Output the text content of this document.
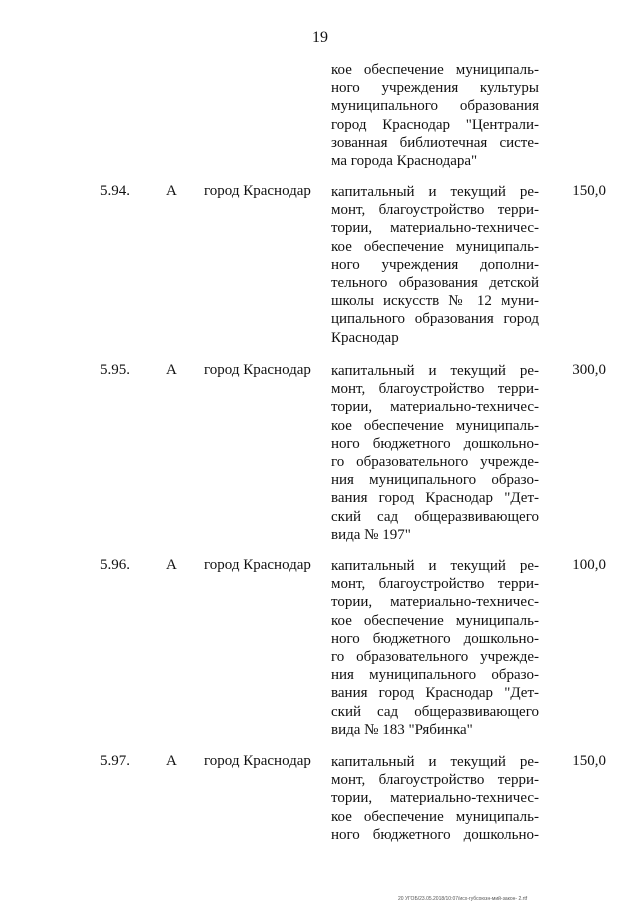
19
кое обеспечение муниципаль-
ного учреждения культуры
муниципального образования
город Краснодар "Централи-
зованная библиотечная систе-
ма города Краснодара"
5.94. А город Краснодар капитальный и текущий ре-
монт, благоустройство терри-
тории, материально-техничес-
кое обеспечение муниципаль-
ного учреждения дополни-
тельного образования детской
школы искусств № 12 муни-
ципального образования город
Краснодар
150,0
5.95. А город Краснодар капитальный и текущий ре-
монт, благоустройство терри-
тории, материально-техничес-
кое обеспечение муниципаль-
ного бюджетного дошкольно-
го образовательного учрежде-
ния муниципального образо-
вания город Краснодар "Дет-
ский сад общеразвивающего
вида № 197"
300,0
5.96. А город Краснодар капитальный и текущий ре-
монт, благоустройство терри-
тории, материально-техничес-
кое обеспечение муниципаль-
ного бюджетного дошкольно-
го образовательного учрежде-
ния муниципального образо-
вания город Краснодар "Дет-
ский сад общеразвивающего
вида № 183 "Рябинка"
100,0
5.97. А город Краснодар капитальный и текущий ре-
монт, благоустройство терри-
тории, материально-техничес-
кое обеспечение муниципаль-
ного бюджетного дошкольно-
150,0
20 УГОБ/23.05.2018/10:07/исх-губсоюзн-мий-закон- 2.rtf
